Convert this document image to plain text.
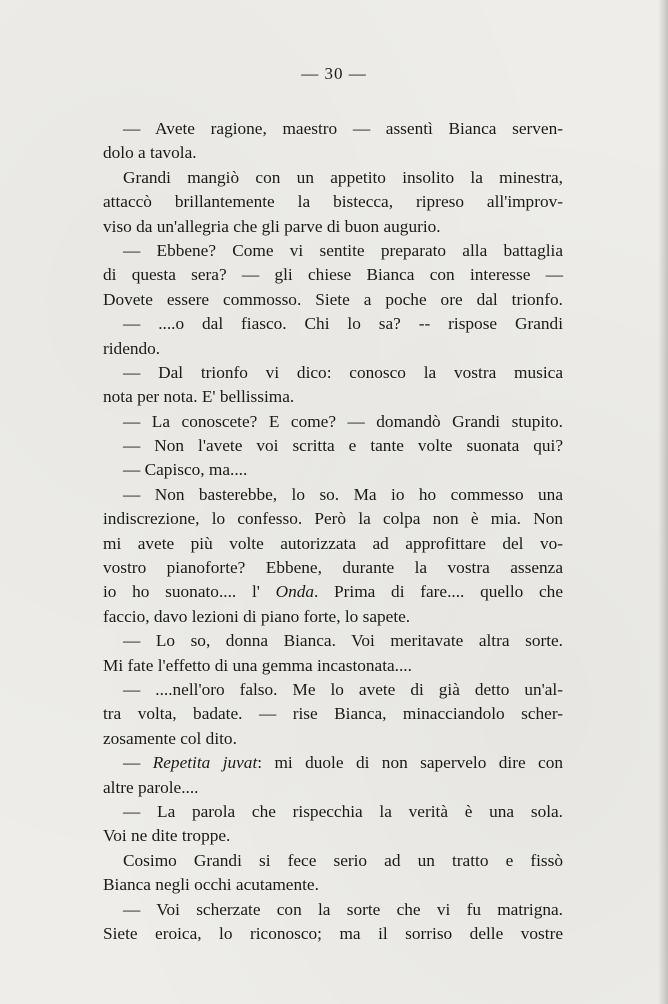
— 30 —
— Avete ragione, maestro — assentì Bianca serven-
dolo a tavola.
Grandi mangiò con un appetito insolito la minestra,
attaccò brillantemente la bistecca, ripreso all'improv-
viso da un'allegria che gli parve di buon augurio.
— Ebbene? Come vi sentite preparato alla battaglia
di questa sera? — gli chiese Bianca con interesse —
Dovete essere commosso. Siete a poche ore dal trionfo.
— ....o dal fiasco. Chi lo sa? -- rispose Grandi
ridendo.
— Dal trionfo vi dico: conosco la vostra musica
nota per nota. E' bellissima.
— La conoscete? E come? — domandò Grandi stupito.
— Non l'avete voi scritta e tante volte suonata qui?
— Capisco, ma....
— Non basterebbe, lo so. Ma io ho commesso una
indiscrezione, lo confesso. Però la colpa non è mia. Non
mi avete più volte autorizzata ad approfittare del vo-
vostro pianoforte? Ebbene, durante la vostra assenza
io ho suonato.... l' Onda. Prima di fare.... quello che
faccio, davo lezioni di piano forte, lo sapete.
— Lo so, donna Bianca. Voi meritavate altra sorte.
Mi fate l'effetto di una gemma incastonata....
— ....nell'oro falso. Me lo avete di già detto un'al-
tra volta, badate. — rise Bianca, minacciandolo scher-
zosamente col dito.
— Repetita juvat: mi duole di non sapervelo dire con
altre parole....
— La parola che rispecchia la verità è una sola.
Voi ne dite troppe.
Cosimo Grandi si fece serio ad un tratto e fissò
Bianca negli occhi acutamente.
— Voi scherzate con la sorte che vi fu matrigna.
Siete eroica, lo riconosco; ma il sorriso delle vostre
